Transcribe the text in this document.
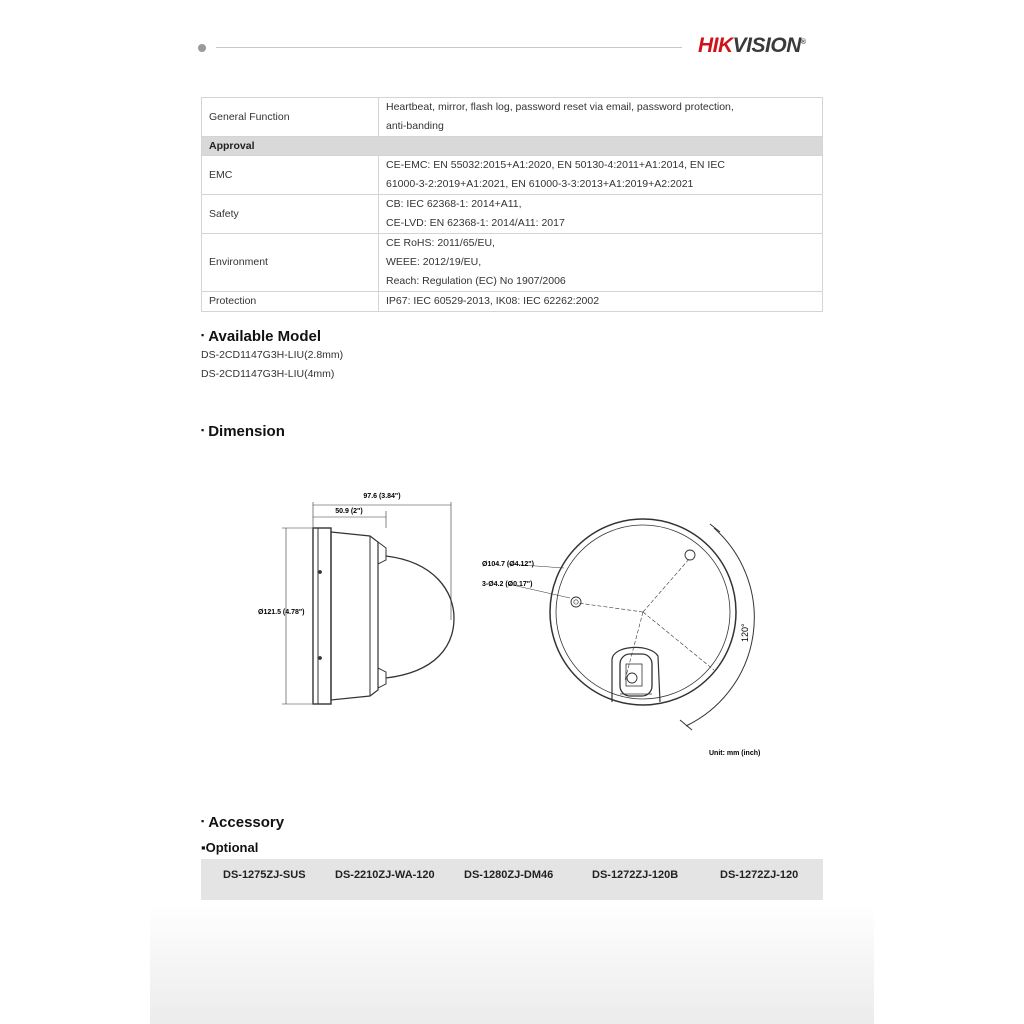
HIKVISION®
General Function	Heartbeat, mirror, flash log, password reset via email, password protection,
anti-banding

Approval	
EMC	CE-EMC: EN 55032:2015+A1:2020, EN 50130-4:2011+A1:2014, EN IEC
61000-3-2:2019+A1:2021, EN 61000-3-3:2013+A1:2019+A2:2021

Safety	CB: IEC 62368-1: 2014+A11,
CE-LVD: EN 62368-1: 2014/A11: 2017

Environment	CE RoHS: 2011/65/EU,
WEEE: 2012/19/EU,
Reach: Regulation (EC) No 1907/2006

Protection	IP67: IEC 60529-2013, IK08: IEC 62262:2002
▪ Available Model
DS-2CD1147G3H-LIU(2.8mm)
DS-2CD1147G3H-LIU(4mm)
▪ Dimension
97.6 (3.84")
50.9 (2")
Ø121.5 (4.78")
Ø104.7 (Ø4.12")
3-Ø4.2 (Ø0.17")
120°
Unit: mm (inch)
▪ Accessory
▪Optional
DS-1275ZJ-SUS	DS-2210ZJ-WA-120	DS-1280ZJ-DM46	DS-1272ZJ-120B	DS-1272ZJ-120
